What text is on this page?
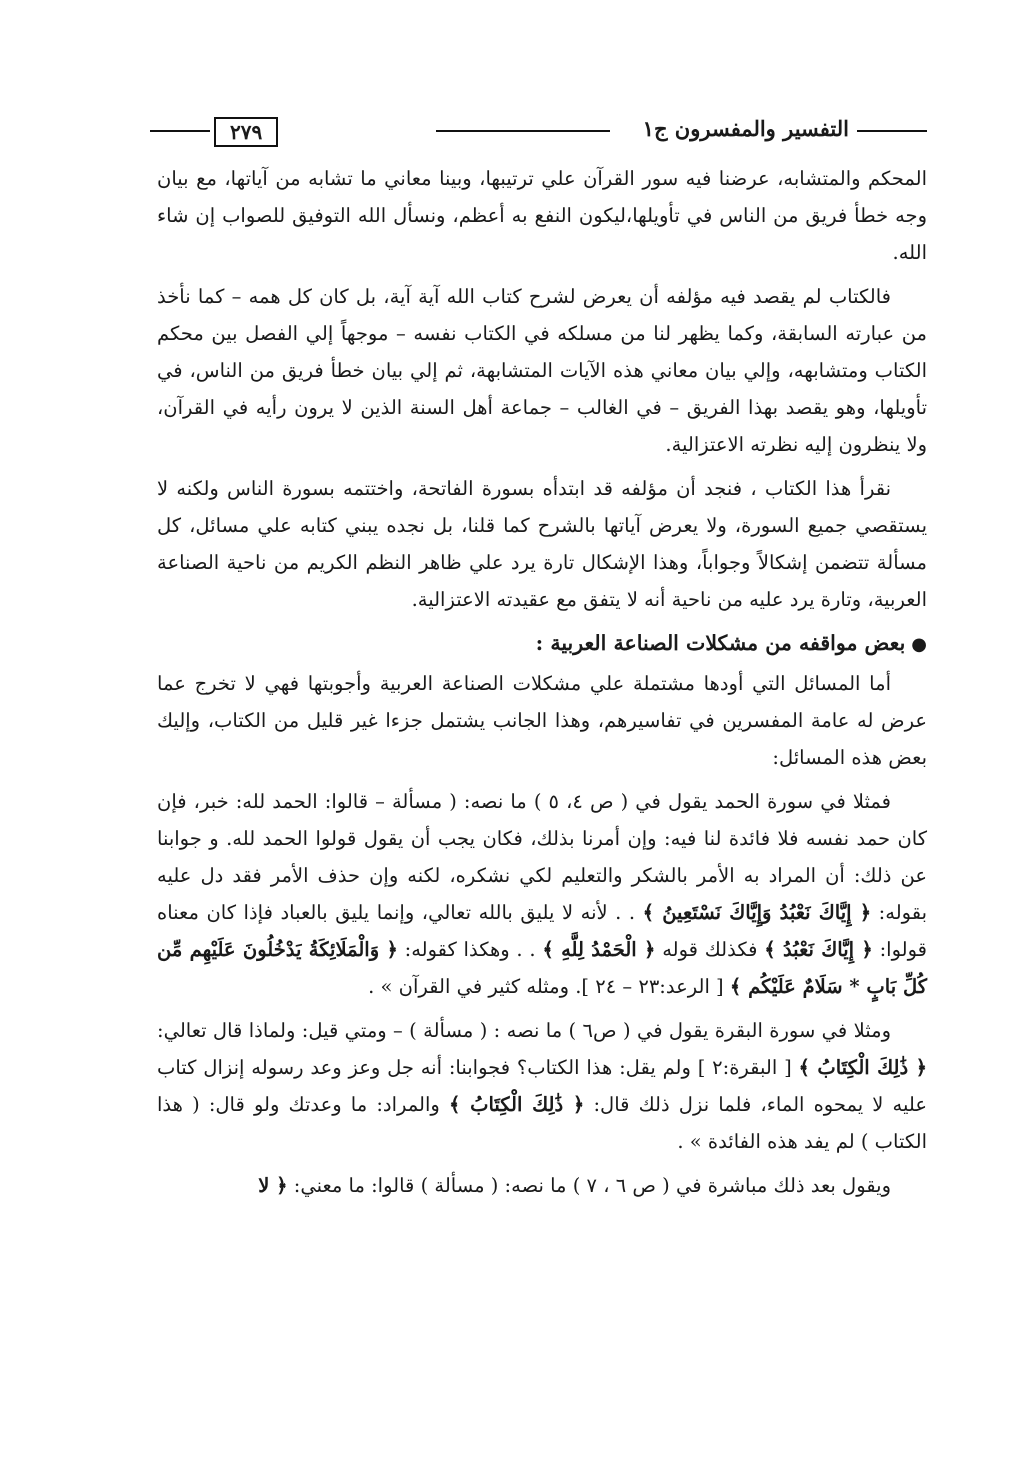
التفسير والمفسرون ج١
٢٧٩

المحكم والمتشابه، عرضنا فيه سور القرآن علي ترتيبها، وبينا معاني ما تشابه من آياتها، مع بيان وجه خطأ فريق من الناس في تأويلها،ليكون النفع به أعظم، ونسأل الله التوفيق للصواب إن شاء الله.

فالكتاب لم يقصد فيه مؤلفه أن يعرض لشرح كتاب الله آية آية، بل كان كل همه – كما نأخذ من عبارته السابقة، وكما يظهر لنا من مسلكه في الكتاب نفسه – موجهاً إلي الفصل بين محكم الكتاب ومتشابهه، وإلي بيان معاني هذه الآيات المتشابهة، ثم إلي بيان خطأ فريق من الناس، في تأويلها، وهو يقصد بهذا الفريق – في الغالب – جماعة أهل السنة الذين لا يرون رأيه في القرآن، ولا ينظرون إليه نظرته الاعتزالية.

نقرأ هذا الكتاب ، فنجد أن مؤلفه قد ابتدأه بسورة الفاتحة، واختتمه بسورة الناس ولكنه لا يستقصي جميع السورة، ولا يعرض آياتها بالشرح كما قلنا، بل نجده يبني كتابه علي مسائل، كل مسألة تتضمن إشكالاً وجواباً، وهذا الإشكال تارة يرد علي ظاهر النظم الكريم من ناحية الصناعة العربية، وتارة يرد عليه من ناحية أنه لا يتفق مع عقيدته الاعتزالية.

●بعض مواقفه من مشكلات الصناعة العربية :

أما المسائل التي أودها مشتملة علي مشكلات الصناعة العربية وأجوبتها فهي لا تخرج عما عرض له عامة المفسرين في تفاسيرهم، وهذا الجانب يشتمل جزءا غير قليل من الكتاب، وإليك بعض هذه المسائل:

فمثلا في سورة الحمد يقول في ( ص ٤، ٥ ) ما نصه: ( مسألة – قالوا: الحمد لله: خبر، فإن كان حمد نفسه فلا فائدة لنا فيه: وإن أمرنا بذلك، فكان يجب أن يقول قولوا الحمد لله. و جوابنا عن ذلك: أن المراد به الأمر بالشكر والتعليم لكي نشكره، لكنه وإن حذف الأمر فقد دل عليه بقوله: ﴿ إِيَّاكَ نَعْبُدُ وَإِيَّاكَ نَسْتَعِينُ ﴾ . . لأنه لا يليق بالله تعالي، وإنما يليق بالعباد فإذا كان معناه قولوا: ﴿ إِيَّاكَ نَعْبُدُ ﴾ فكذلك قوله ﴿ الْحَمْدُ لِلَّهِ ﴾ . . وهكذا كقوله: ﴿ وَالْمَلَائِكَةُ يَدْخُلُونَ عَلَيْهِم مِّن كُلِّ بَابٍ * سَلَامٌ عَلَيْكُم ﴾ [ الرعد:٢٣ – ٢٤ ]. ومثله كثير في القرآن » .

ومثلا في سورة البقرة يقول في ( ص٦ ) ما نصه : ( مسألة ) – ومتي قيل: ولماذا قال تعالي: ﴿ ذَٰلِكَ الْكِتَابُ ﴾ [ البقرة:٢ ] ولم يقل: هذا الكتاب؟ فجوابنا: أنه جل وعز وعد رسوله إنزال كتاب عليه لا يمحوه الماء، فلما نزل ذلك قال: ﴿ ذَٰلِكَ الْكِتَابُ ﴾ والمراد: ما وعدتك ولو قال: ( هذا الكتاب ) لم يفد هذه الفائدة » .

ويقول بعد ذلك مباشرة في ( ص ٦ ، ٧ ) ما نصه: ( مسألة ) قالوا: ما معني: ﴿ لا
